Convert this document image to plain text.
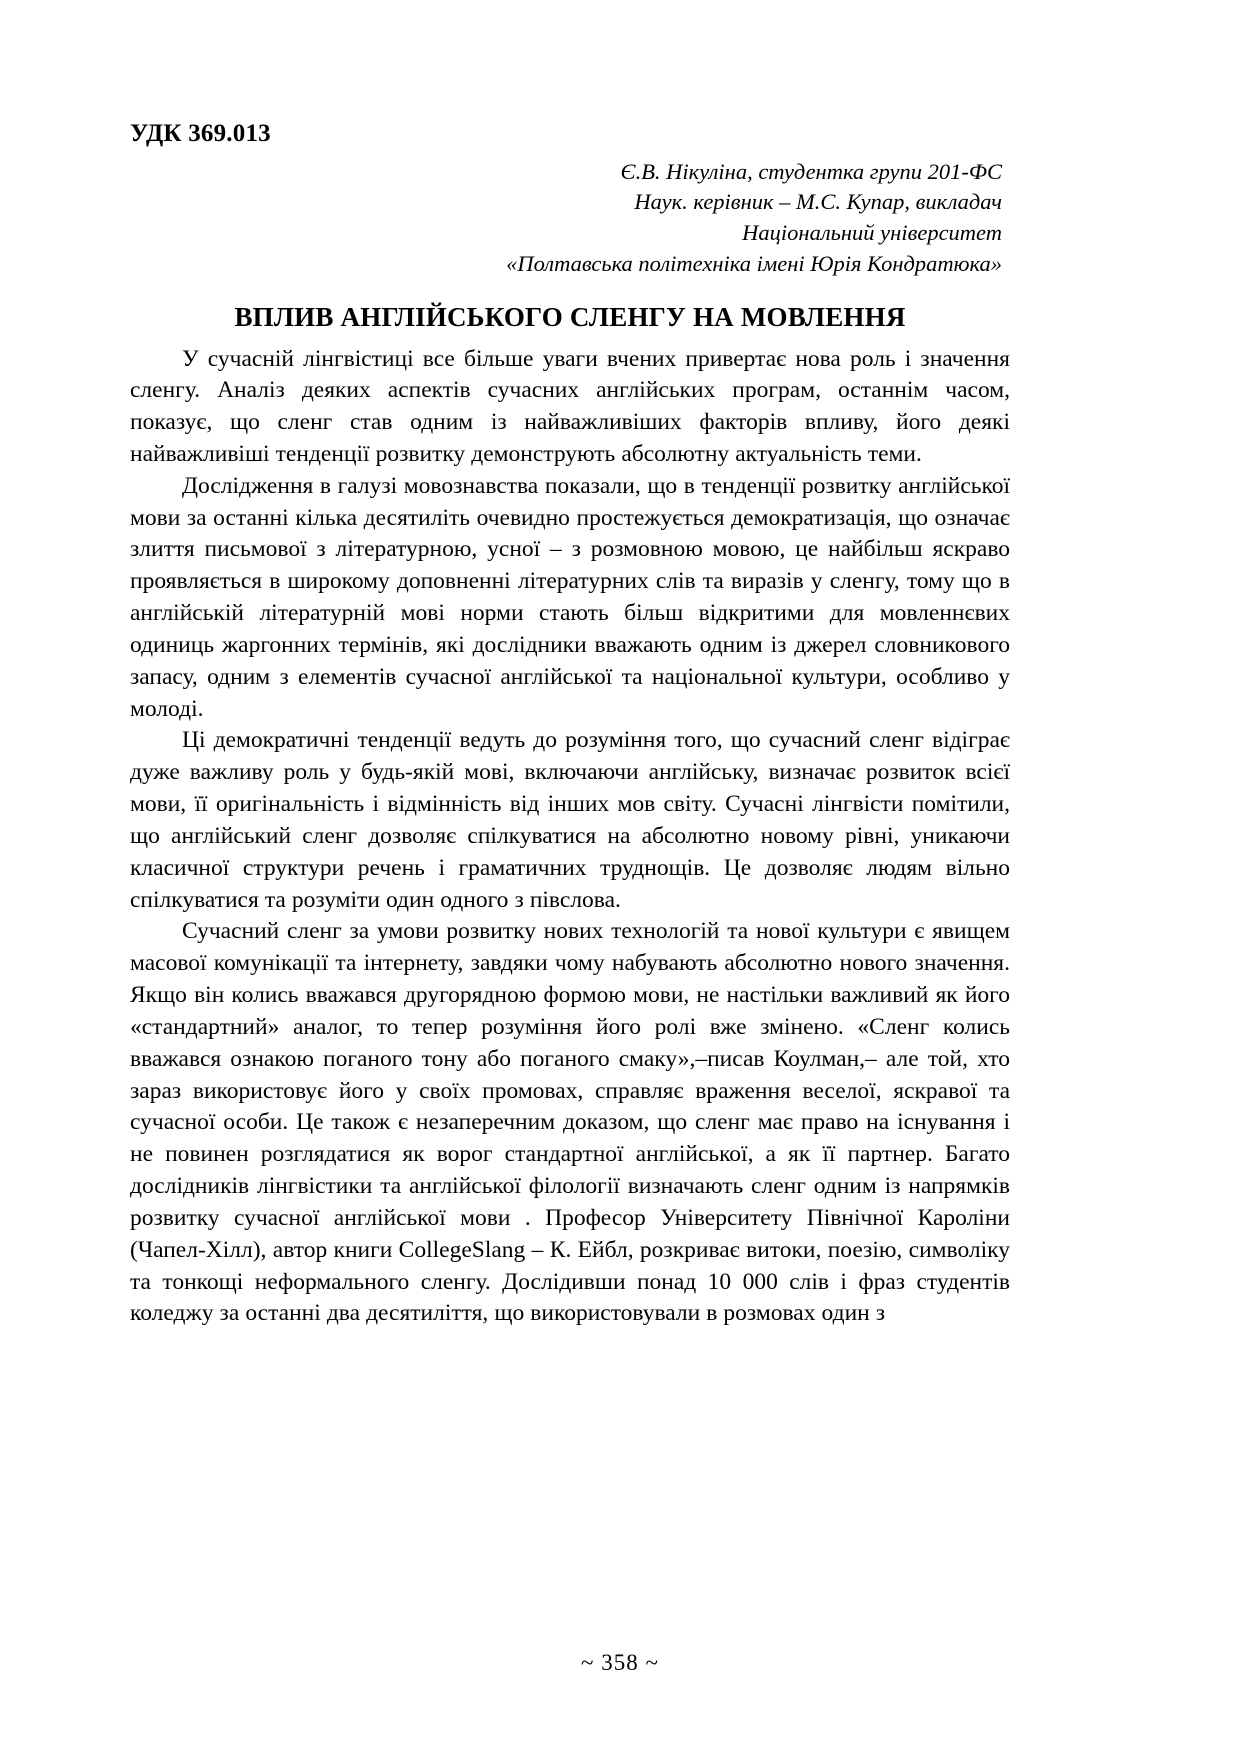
УДК 369.013
Є.В. Нікуліна, студентка групи 201-ФС
Наук. керівник – М.С. Купар, викладач
Національний університет
«Полтавська політехніка імені Юрія Кондратюка»
ВПЛИВ АНГЛІЙСЬКОГО СЛЕНГУ НА МОВЛЕННЯ

У сучасній лінгвістиці все більше уваги вчених привертає нова роль і значення сленгу. Аналіз деяких аспектів сучасних англійських програм, останнім часом, показує, що сленг став одним із найважливіших факторів впливу, його деякі найважливіші тенденції розвитку демонструють абсолютну актуальність теми.

Дослідження в галузі мовознавства показали, що в тенденції розвитку англійської мови за останні кілька десятиліть очевидно простежується демократизація, що означає злиття письмової з літературною, усної – з розмовною мовою, це найбільш яскраво проявляється в широкому доповненні літературних слів та виразів у сленгу, тому що в англійській літературній мові норми стають більш відкритими для мовленнєвих одиниць жаргонних термінів, які дослідники вважають одним із джерел словникового запасу, одним з елементів сучасної англійської та національної культури, особливо у молоді.

Ці демократичні тенденції ведуть до розуміння того, що сучасний сленг відіграє дуже важливу роль у будь-якій мові, включаючи англійську, визначає розвиток всієї мови, її оригінальність і відмінність від інших мов світу. Сучасні лінгвісти помітили, що англійський сленг дозволяє спілкуватися на абсолютно новому рівні, уникаючи класичної структури речень і граматичних труднощів. Це дозволяє людям вільно спілкуватися та розуміти один одного з півслова.

Сучасний сленг за умови розвитку нових технологій та нової культури є явищем масової комунікації та інтернету, завдяки чому набувають абсолютно нового значення. Якщо він колись вважався другорядною формою мови, не настільки важливий як його «стандартний» аналог, то тепер розуміння його ролі вже змінено. «Сленг колись вважався ознакою поганого тону або поганого смаку»,–писав Коулман,– але той, хто зараз використовує його у своїх промовах, справляє враження веселої, яскравої та сучасної особи. Це також є незаперечним доказом, що сленг має право на існування і не повинен розглядатися як ворог стандартної англійської, а як її партнер. Багато дослідників лінгвістики та англійської філології визначають сленг одним із напрямків розвитку сучасної англійської мови . Професор Університету Північної Кароліни (Чапел-Хілл), автор книги CollegeSlang – К. Ейбл, розкриває витоки, поезію, символіку та тонкощі неформального сленгу. Дослідивши понад 10 000 слів і фраз студентів коледжу за останні два десятиліття, що використовували в розмовах один з

~ 358 ~
